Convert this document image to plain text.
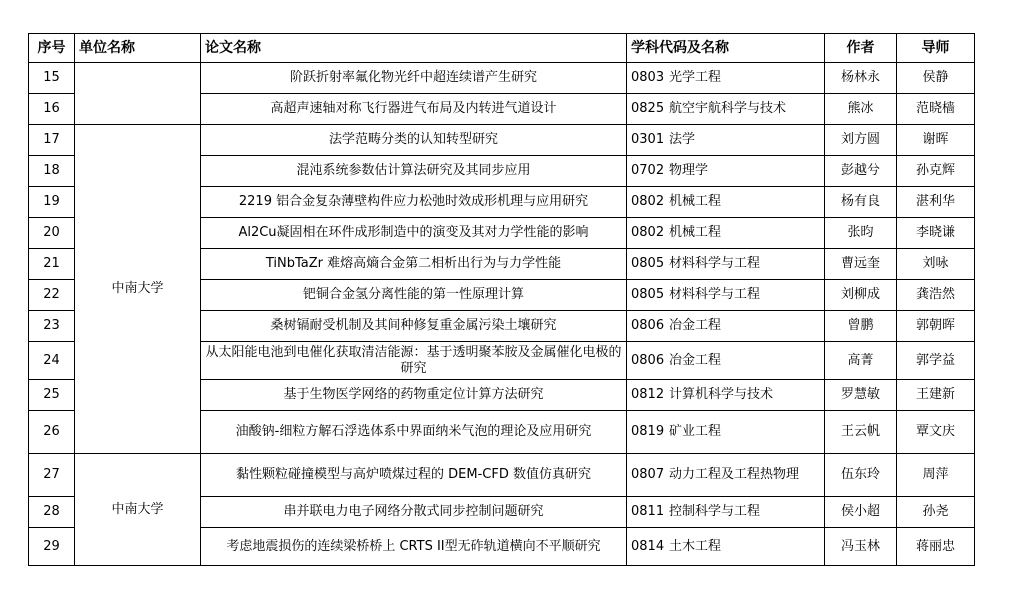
序号	单位名称	论文名称	学科代码及名称	作者	导师
15		阶跃折射率氟化物光纤中超连续谱产生研究	0803 光学工程	杨林永	侯静
16		高超声速轴对称飞行器进气布局及内转进气道设计	0825 航空宇航科学与技术	熊冰	范晓樯
17	中南大学	法学范畴分类的认知转型研究	0301 法学	刘方圆	谢晖
18		混沌系统参数估计算法研究及其同步应用	0702 物理学	彭越兮	孙克辉
19		2219 铝合金复杂薄壁构件应力松弛时效成形机理与应用研究	0802 机械工程	杨有良	湛利华
20		Al2Cu凝固相在环件成形制造中的演变及其对力学性能的影响	0802 机械工程	张昀	李晓谦
21		TiNbTaZr 难熔高熵合金第二相析出行为与力学性能	0805 材料科学与工程	曹远奎	刘咏
22		钯铜合金氢分离性能的第一性原理计算	0805 材料科学与工程	刘柳成	龚浩然
23		桑树镉耐受机制及其间种修复重金属污染土壤研究	0806 冶金工程	曾鹏	郭朝晖
24		从太阳能电池到电催化获取清洁能源：基于透明聚苯胺及金属催化电极的研究	0806 冶金工程	高菁	郭学益
25		基于生物医学网络的药物重定位计算方法研究	0812 计算机科学与技术	罗慧敏	王建新
26		油酸钠-细粒方解石浮选体系中界面纳米气泡的理论及应用研究	0819 矿业工程	王云帆	覃文庆
27	中南大学	黏性颗粒碰撞模型与高炉喷煤过程的 DEM-CFD 数值仿真研究	0807 动力工程及工程热物理	伍东玲	周萍
28		串并联电力电子网络分散式同步控制问题研究	0811 控制科学与工程	侯小超	孙尧
29		考虑地震损伤的连续梁桥桥上 CRTS II型无砟轨道横向不平顺研究	0814 土木工程	冯玉林	蒋丽忠
